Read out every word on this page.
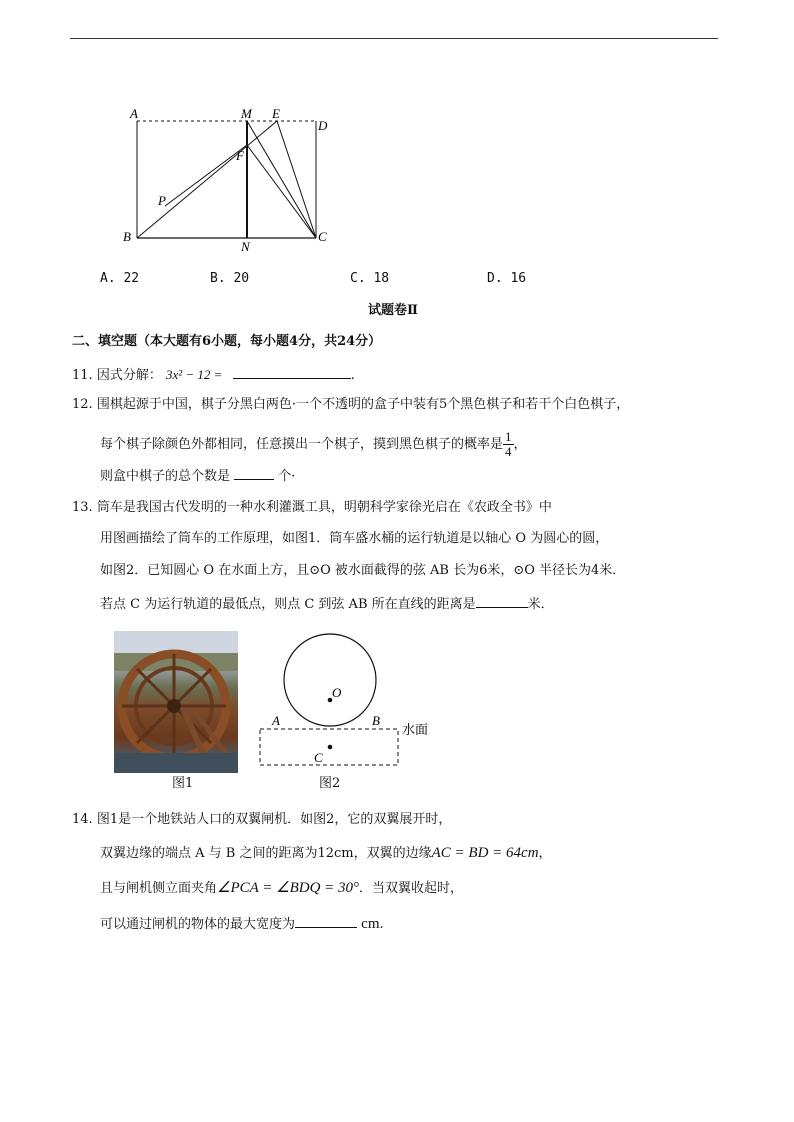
A	M E
D
F
P
B
N
C
A. 22	B. 20	C. 18	D. 16
试题卷Ⅱ
二、填空题（本大题有6小题，每小题4分，共24分）
11. 因式分解： 3x² − 12 =	.
12. 围棋起源于中国，棋子分黑白两色·一个不透明的盒子中装有5个黑色棋子和若干个白色棋子，
每个棋子除颜色外都相同，任意摸出一个棋子，摸到黑色棋子的概率是 $\frac{1}{4}$ ，
则盒中棋子的总个数是	个·
13. 筒车是我国古代发明的一种水利灌溉工具，明朝科学家徐光启在《农政全书》中
用图画描绘了筒车的工作原理，如图1．筒车盛水桶的运行轨道是以轴心 O 为圆心的圆，
如图2．已知圆心 O 在水面上方，且⊙O 被水面截得的弦 AB 长为6米，⊙O 半径长为4米．
若点 C 为运行轨道的最低点，则点 C 到弦 AB 所在直线的距离是	米．
图1
O
A	B
C
水面
图2
14. 图1是一个地铁站人口的双翼闸机．如图2，它的双翼展开时，
双翼边缘的端点 A 与 B 之间的距离为12cm，双翼的边缘AC = BD = 64cm，
且与闸机侧立面夹角∠PCA = ∠BDQ = 30°．当双翼收起时，
可以通过闸机的物体的最大宽度为	cm.
